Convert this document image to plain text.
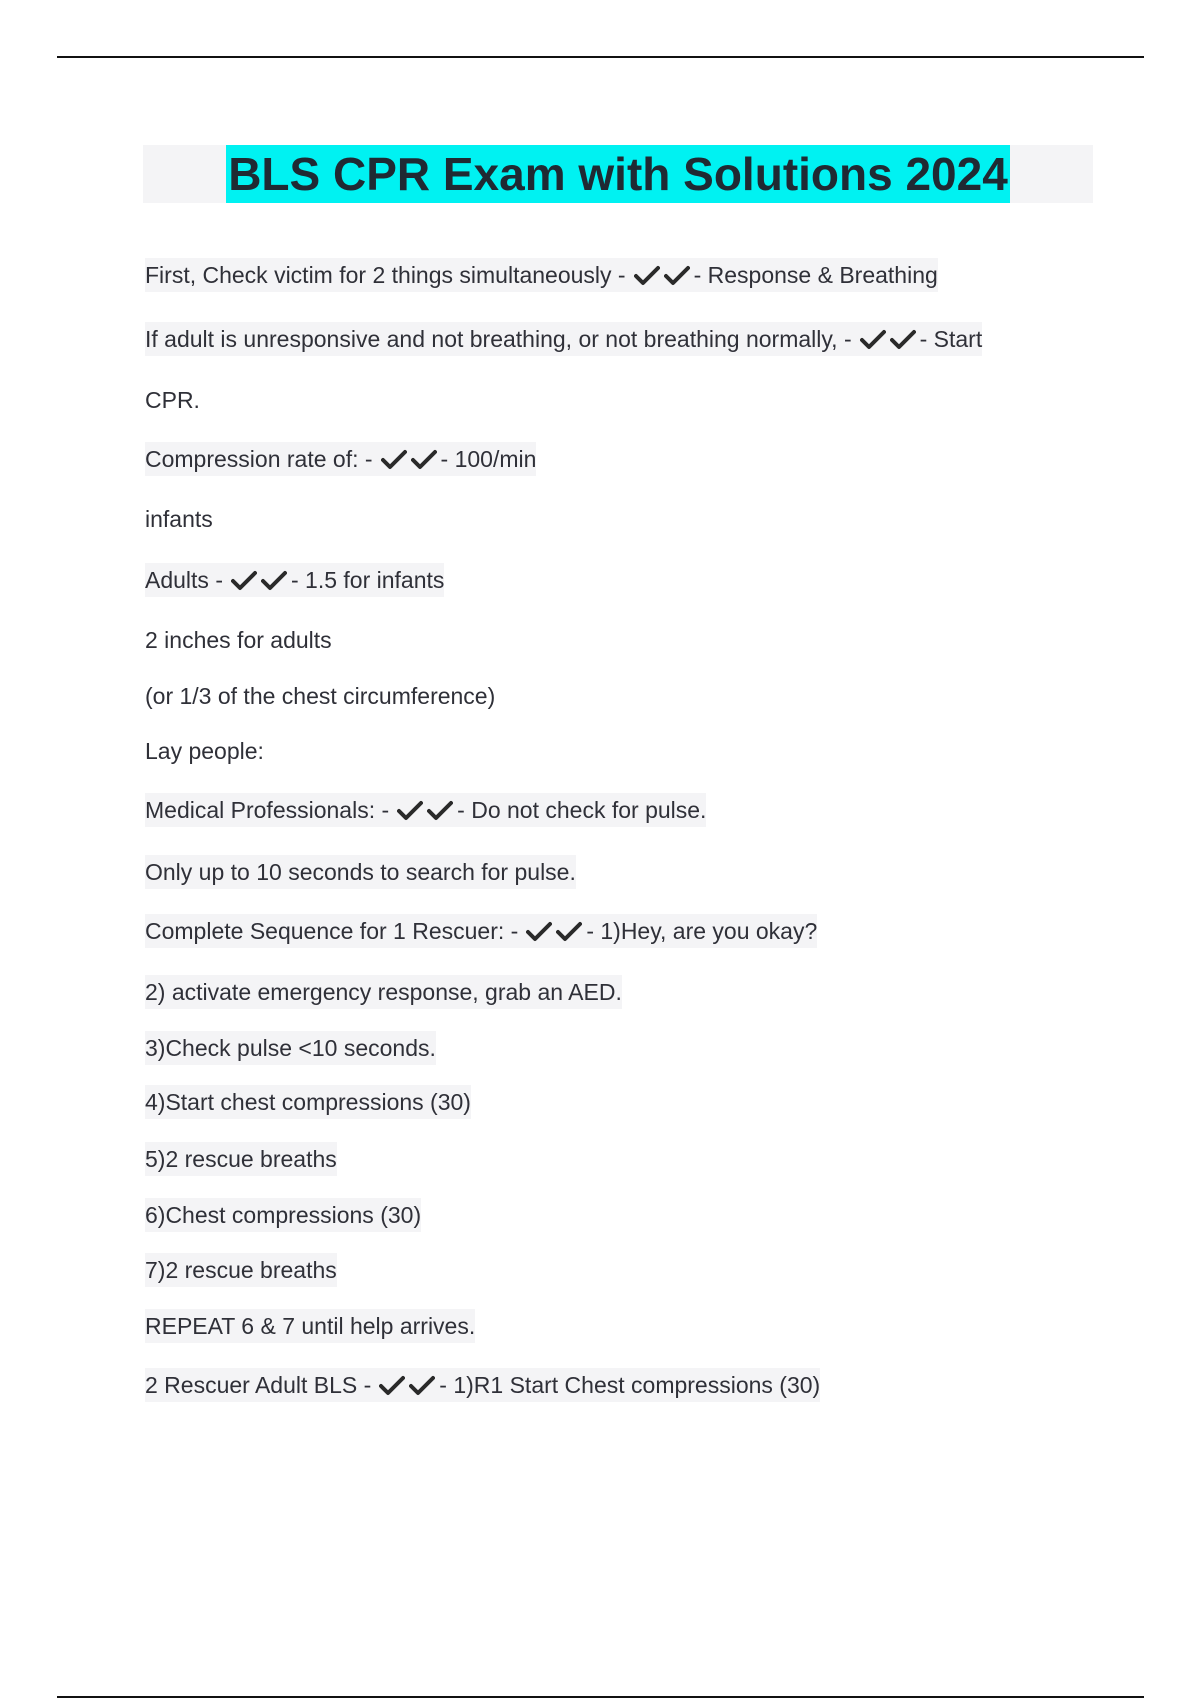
BLS CPR Exam with Solutions 2024
First, Check victim for 2 things simultaneously -	- Response & Breathing
If adult is unresponsive and not breathing, or not breathing normally, -	- Start
CPR.
Compression rate of: -	- 100/min
infants
Adults -	- 1.5 for infants
2 inches for adults
(or 1/3 of the chest circumference)
Lay people:
Medical Professionals: -	- Do not check for pulse.
Only up to 10 seconds to search for pulse.
Complete Sequence for 1 Rescuer: -	- 1)Hey, are you okay?
2) activate emergency response, grab an AED.
3)Check pulse <10 seconds.
4)Start chest compressions (30)
5)2 rescue breaths
6)Chest compressions (30)
7)2 rescue breaths
REPEAT 6 & 7 until help arrives.
2 Rescuer Adult BLS -	- 1)R1 Start Chest compressions (30)
